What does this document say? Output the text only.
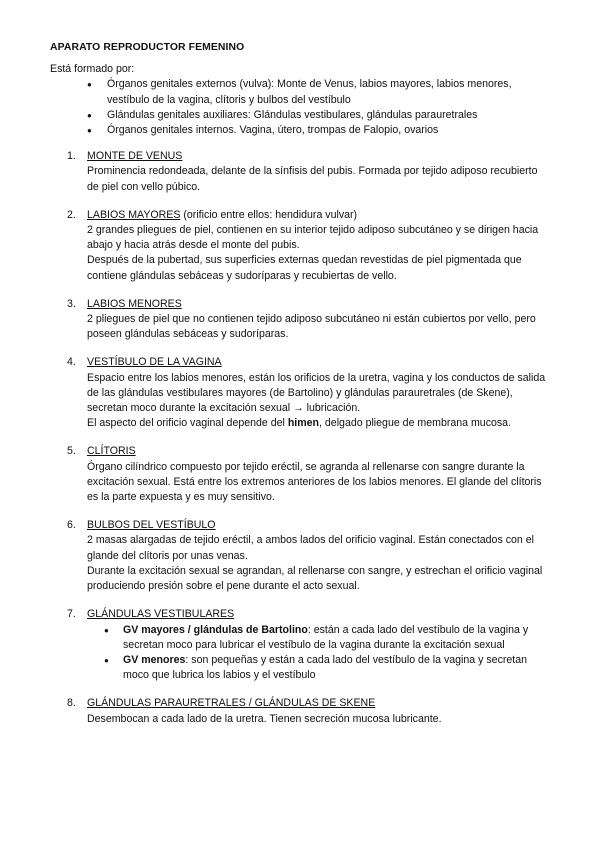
APARATO REPRODUCTOR FEMENINO

Está formado por:

● Órganos genitales externos (vulva): Monte de Venus, labios mayores, labios menores, vestíbulo de la vagina, clítoris y bulbos del vestíbulo
● Glándulas genitales auxiliares: Glándulas vestibulares, glándulas parauretrales
● Órganos genitales internos. Vagina, útero, trompas de Falopio, ovarios
1. MONTE DE VENUS

Prominencia redondeada, delante de la sínfisis del pubis. Formada por tejido adiposo recubierto de piel con vello púbico.

2. LABIOS MAYORES (orificio entre ellos: hendidura vulvar)

2 grandes pliegues de piel, contienen en su interior tejido adiposo subcutáneo y se dirigen hacia abajo y hacia atrás desde el monte del pubis.

Después de la pubertad, sus superficies externas quedan revestidas de piel pigmentada que contiene glándulas sebáceas y sudoríparas y recubiertas de vello.

3. LABIOS MENORES

2 pliegues de piel que no contienen tejido adiposo subcutáneo ni están cubiertos por vello, pero poseen glándulas sebáceas y sudoríparas.

4. VESTÍBULO DE LA VAGINA

Espacio entre los labios menores, están los orificios de la uretra, vagina y los conductos de salida de las glándulas vestibulares mayores (de Bartolino) y glándulas parauretrales (de Skene), secretan moco durante la excitación sexual → lubricación.

El aspecto del orificio vaginal depende del himen, delgado pliegue de membrana mucosa.

5. CLÍTORIS

Órgano cilíndrico compuesto por tejido eréctil, se agranda al rellenarse con sangre durante la excitación sexual. Está entre los extremos anteriores de los labios menores. El glande del clítoris es la parte expuesta y es muy sensitivo.

6. BULBOS DEL VESTÍBULO

2 masas alargadas de tejido eréctil, a ambos lados del orificio vaginal. Están conectados con el glande del clítoris por unas venas.

Durante la excitación sexual se agrandan, al rellenarse con sangre, y estrechan el orificio vaginal produciendo presión sobre el pene durante el acto sexual.

7. GLÁNDULAS VESTIBULARES
● GV mayores / glándulas de Bartolino: están a cada lado del vestíbulo de la vagina y secretan moco para lubricar el vestíbulo de la vagina durante la excitación sexual
● GV menores: son pequeñas y están a cada lado del vestíbulo de la vagina y secretan moco que lubrica los labios y el vestíbulo
8. GLÁNDULAS PARAURETRALES / GLÁNDULAS DE SKENE

Desembocan a cada lado de la uretra. Tienen secreción mucosa lubricante.
